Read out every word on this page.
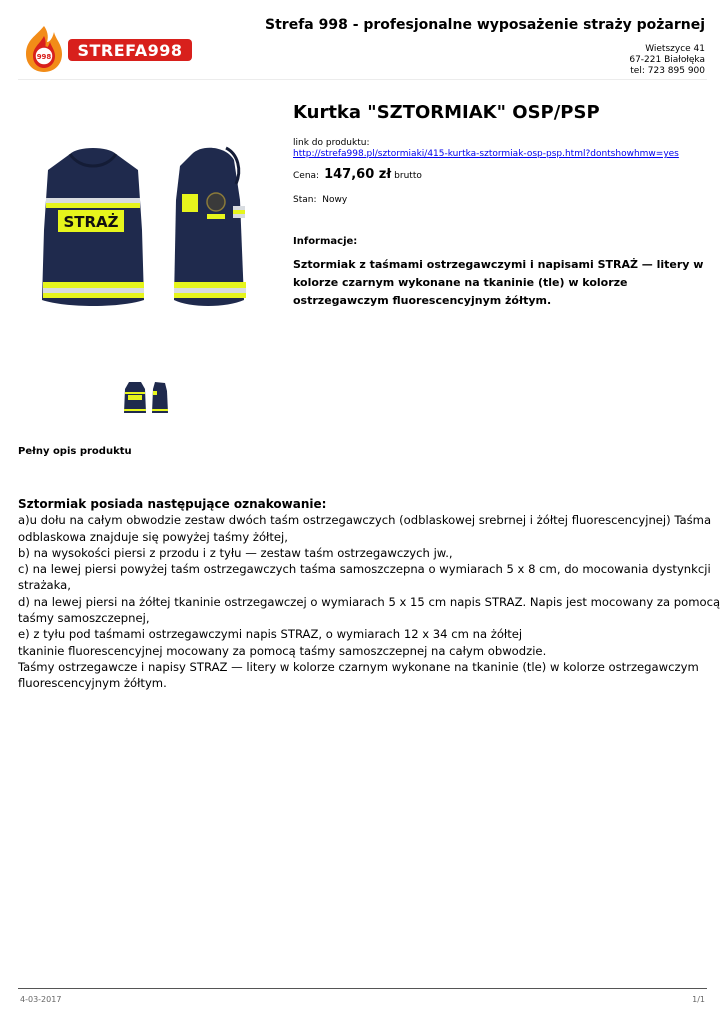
998 STREFA998
Strefa 998 - profesjonalne wyposażenie straży pożarnej
Wietszyce 41
67-221 Białołęka
tel: 723 895 900
STRAŻ
Kurtka "SZTORMIAK" OSP/PSP
link do produktu:
http://strefa998.pl/sztormiaki/415-kurtka-sztormiak-osp-psp.html?dontshowhmw=yes
Cena: 147,60 zł brutto
Stan: Nowy
Informacje:
Sztormiak z taśmami ostrzegawczymi i napisami STRAŻ — litery w kolorze czarnym wykonane na tkaninie (tle) w kolorze ostrzegawczym fluorescencyjnym żółtym.
Pełny opis produktu
Sztormiak posiada następujące oznakowanie:
a)u dołu na całym obwodzie zestaw dwóch taśm ostrzegawczych (odblaskowej srebrnej i żółtej fluorescencyjnej) Taśma
odblaskowa znajduje się powyżej taśmy żółtej,
b) na wysokości piersi z przodu i z tyłu — zestaw taśm ostrzegawczych jw.,
c) na lewej piersi powyżej taśm ostrzegawczych taśma samoszczepna o wymiarach 5 x 8 cm, do mocowania dystynkcji
strażaka,
d) na lewej piersi na żółtej tkaninie ostrzegawczej o wymiarach 5 x 15 cm napis STRAZ. Napis jest mocowany za pomocą
taśmy samoszczepnej,
e) z tyłu pod taśmami ostrzegawczymi napis STRAZ, o wymiarach 12 x 34 cm na żółtej
tkaninie fluorescencyjnej mocowany za pomocą taśmy samoszczepnej na całym obwodzie.
Taśmy ostrzegawcze i napisy STRAZ — litery w kolorze czarnym wykonane na tkaninie (tle) w kolorze ostrzegawczym
fluorescencyjnym żółtym.
4-03-2017	1/1
